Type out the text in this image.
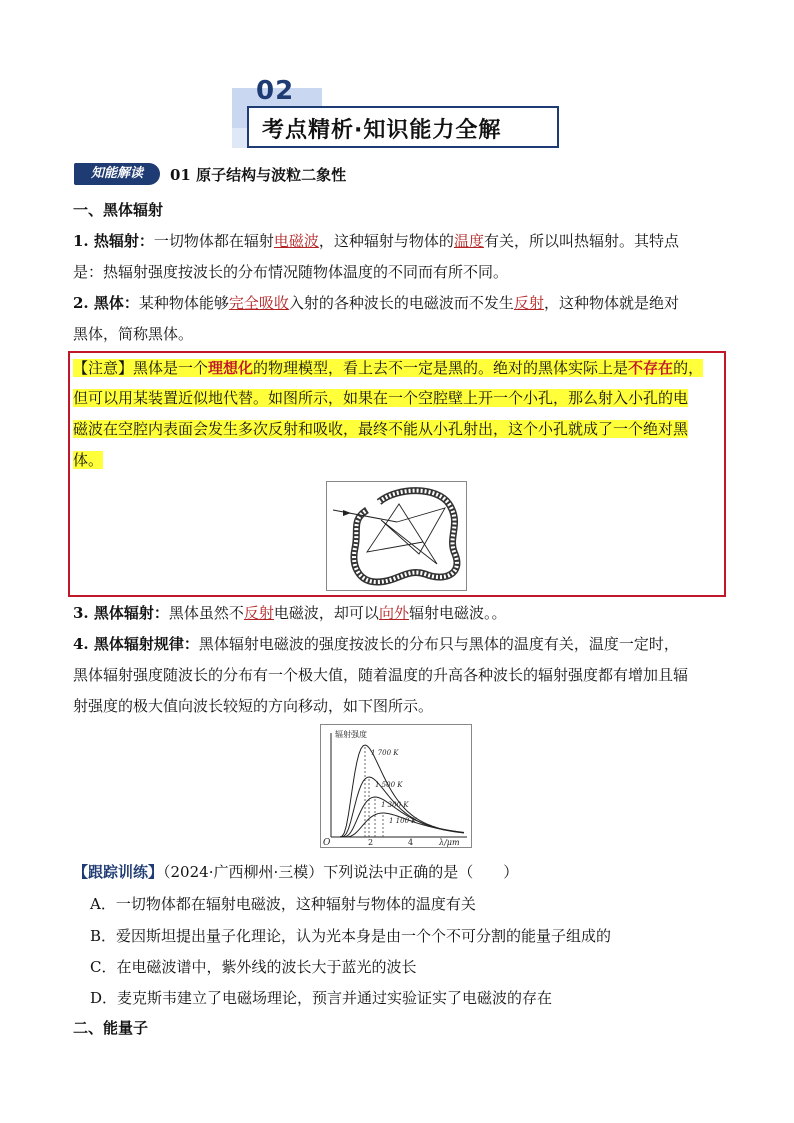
02
考点精析·知识能力全解
知能解读	01 原子结构与波粒二象性
一、黑体辐射
1. 热辐射：一切物体都在辐射电磁波，这种辐射与物体的温度有关，所以叫热辐射。其特点
是：热辐射强度按波长的分布情况随物体温度的不同而有所不同。
2. 黑体：某种物体能够完全吸收入射的各种波长的电磁波而不发生反射，这种物体就是绝对
黑体，简称黑体。
【注意】黑体是一个理想化的物理模型，看上去不一定是黑的。绝对的黑体实际上是不存在的，
但可以用某装置近似地代替。如图所示，如果在一个空腔壁上开一个小孔，那么射入小孔的电
磁波在空腔内表面会发生多次反射和吸收，最终不能从小孔射出，这个小孔就成了一个绝对黑
体。
3. 黑体辐射：黑体虽然不反射电磁波，却可以向外辐射电磁波。。
4. 黑体辐射规律：黑体辐射电磁波的强度按波长的分布只与黑体的温度有关，温度一定时，
黑体辐射强度随波长的分布有一个极大值，随着温度的升高各种波长的辐射强度都有增加且辐
射强度的极大值向波长较短的方向移动，如下图所示。
辐射强度
λ/μm
O	2	4
1 700 K
1 500 K
1 300 K
1 100 K
【跟踪训练】（2024·广西柳州·三模）下列说法中正确的是（　　）
A．一切物体都在辐射电磁波，这种辐射与物体的温度有关
B．爱因斯坦提出量子化理论，认为光本身是由一个个不可分割的能量子组成的
C．在电磁波谱中，紫外线的波长大于蓝光的波长
D．麦克斯韦建立了电磁场理论，预言并通过实验证实了电磁波的存在
二、能量子
